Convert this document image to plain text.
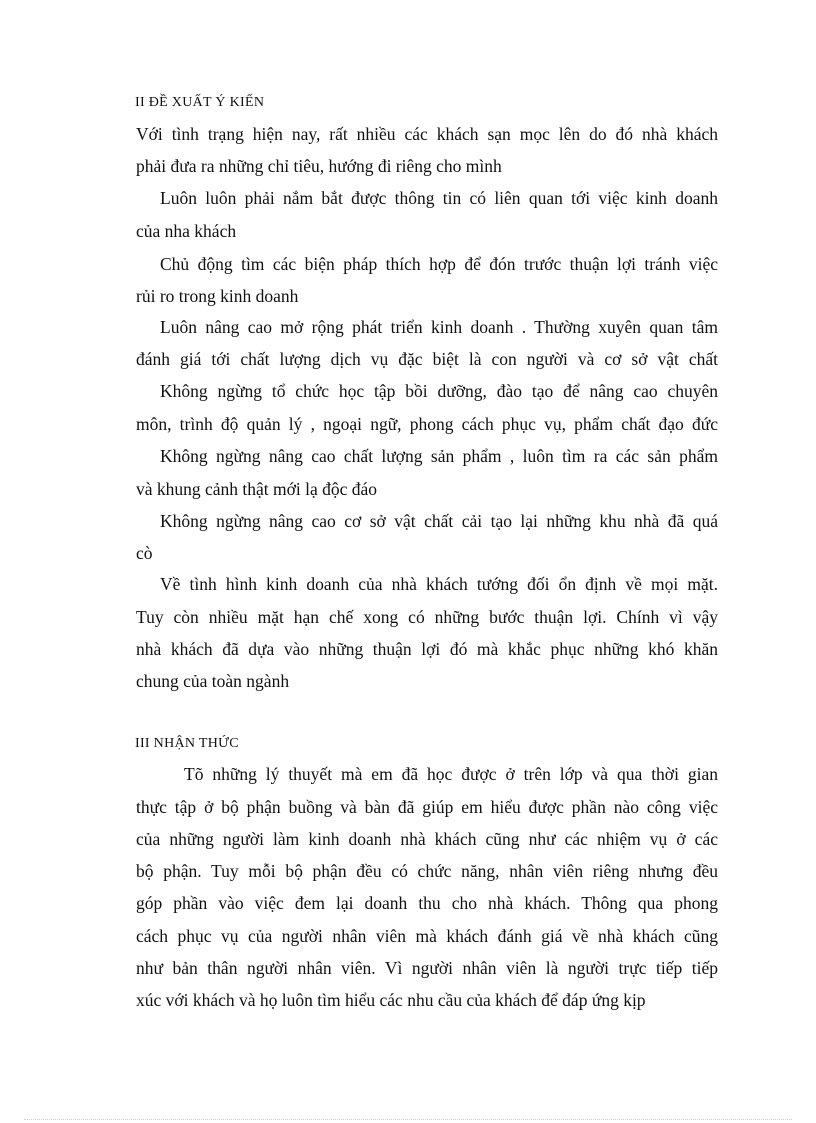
II ĐỀ XUẤT Ý KIẾN
Với tình trạng hiện nay, rất nhiều các khách sạn mọc lên do đó nhà khách
phải đưa ra những chỉ tiêu, hướng đi riêng cho mình
Luôn luôn phải nắm bắt được thông tin có liên quan tới việc kinh doanh
của nha khách
Chủ động tìm các biện pháp thích hợp để đón trước thuận lợi tránh việc
rủi ro trong kinh doanh
Luôn nâng cao mở rộng phát triển kinh doanh . Thường xuyên quan tâm
đánh giá tới chất lượng dịch vụ đặc biệt là con người và cơ sở vật chất
Không ngừng tổ chức học tập bồi dưỡng, đào tạo để nâng cao chuyên
môn, trình độ quản lý , ngoại ngữ, phong cách phục vụ, phẩm chất đạo đức
Không ngừng nâng cao chất lượng sản phẩm , luôn tìm ra các sản phẩm
và khung cảnh thật mới lạ độc đáo
Không ngừng nâng cao cơ sở vật chất cải tạo lại những khu nhà đã quá
cò
Về tình hình kinh doanh của nhà khách tướng đối ổn định về mọi mặt.
Tuy còn nhiều mặt hạn chế xong có những bước thuận lợi. Chính vì vậy
nhà khách đã dựa vào những thuận lợi đó mà khắc phục những khó khăn
chung của toàn ngành
III NHẬN THỨC
Tõ những lý thuyết mà em đã học được ở trên lớp và qua thời gian
thực tập ở bộ phận buồng và bàn đã giúp em hiểu được phần nào công việc
của những người làm kinh doanh nhà khách cũng như các nhiệm vụ ở các
bộ phận. Tuy mỗi bộ phận đều có chức năng, nhân viên riêng nhưng đều
góp phần vào việc đem lại doanh thu cho nhà khách. Thông qua phong
cách phục vụ của người nhân viên mà khách đánh giá về nhà khách cũng
như bản thân người nhân viên. Vì người nhân viên là người trực tiếp tiếp
xúc với khách và họ luôn tìm hiểu các nhu cầu của khách để đáp ứng kịp
